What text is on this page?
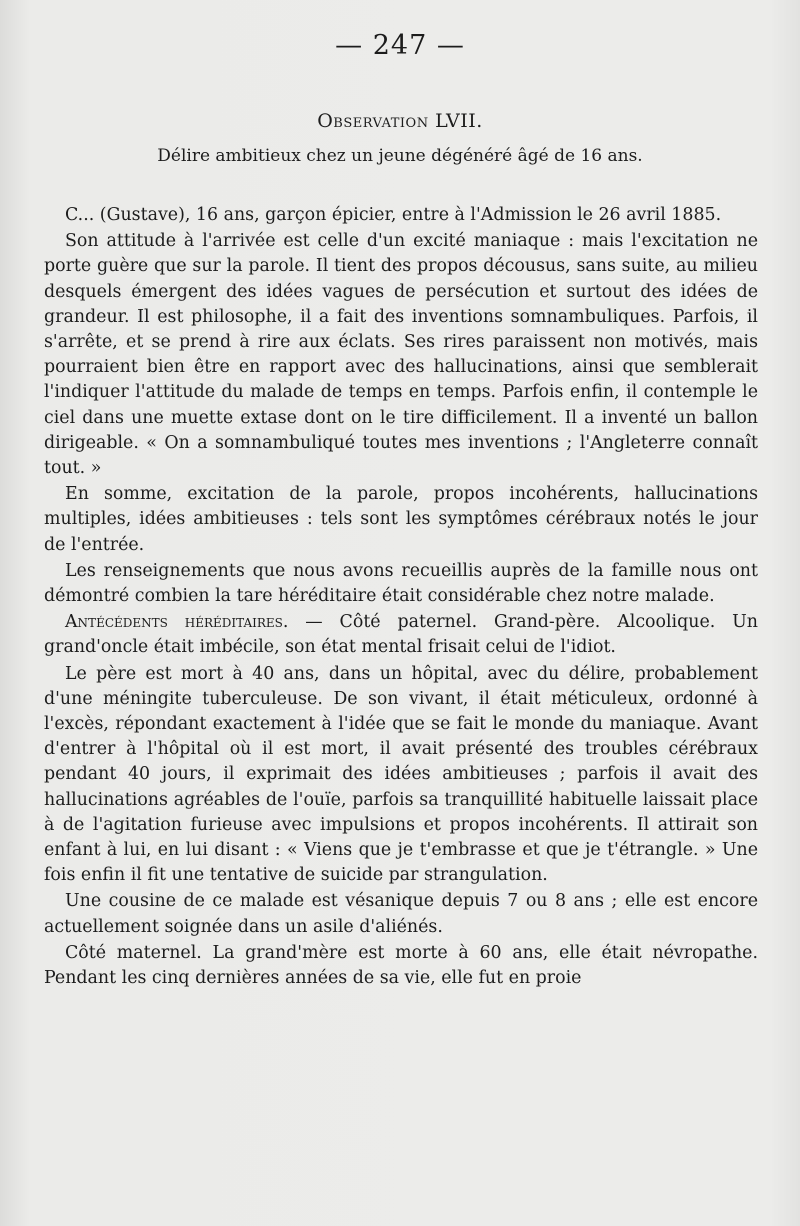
— 247 —
Observation LVII.
Délire ambitieux chez un jeune dégénéré âgé de 16 ans.

C... (Gustave), 16 ans, garçon épicier, entre à l'Admission le 26 avril 1885.

Son attitude à l'arrivée est celle d'un excité maniaque : mais l'excitation ne porte guère que sur la parole. Il tient des propos décousus, sans suite, au milieu desquels émergent des idées vagues de persécution et surtout des idées de grandeur. Il est philosophe, il a fait des inventions somnambuliques. Parfois, il s'arrête, et se prend à rire aux éclats. Ses rires paraissent non motivés, mais pourraient bien être en rapport avec des hallucinations, ainsi que semblerait l'indiquer l'attitude du malade de temps en temps. Parfois enfin, il contemple le ciel dans une muette extase dont on le tire difficilement. Il a inventé un ballon dirigeable. « On a somnambuliqué toutes mes inventions ; l'Angleterre connaît tout. »

En somme, excitation de la parole, propos incohérents, hallucinations multiples, idées ambitieuses : tels sont les symptômes cérébraux notés le jour de l'entrée.

Les renseignements que nous avons recueillis auprès de la famille nous ont démontré combien la tare héréditaire était considérable chez notre malade.

Antécédents héréditaires. — Côté paternel. Grand-père. Alcoolique. Un grand'oncle était imbécile, son état mental frisait celui de l'idiot.

Le père est mort à 40 ans, dans un hôpital, avec du délire, probablement d'une méningite tuberculeuse. De son vivant, il était méticuleux, ordonné à l'excès, répondant exactement à l'idée que se fait le monde du maniaque. Avant d'entrer à l'hôpital où il est mort, il avait présenté des troubles cérébraux pendant 40 jours, il exprimait des idées ambitieuses ; parfois il avait des hallucinations agréables de l'ouïe, parfois sa tranquillité habituelle laissait place à de l'agitation furieuse avec impulsions et propos incohérents. Il attirait son enfant à lui, en lui disant : « Viens que je t'embrasse et que je t'étrangle. » Une fois enfin il fit une tentative de suicide par strangulation.

Une cousine de ce malade est vésanique depuis 7 ou 8 ans ; elle est encore actuellement soignée dans un asile d'aliénés.

Côté maternel. La grand'mère est morte à 60 ans, elle était névropathe. Pendant les cinq dernières années de sa vie, elle fut en proie
